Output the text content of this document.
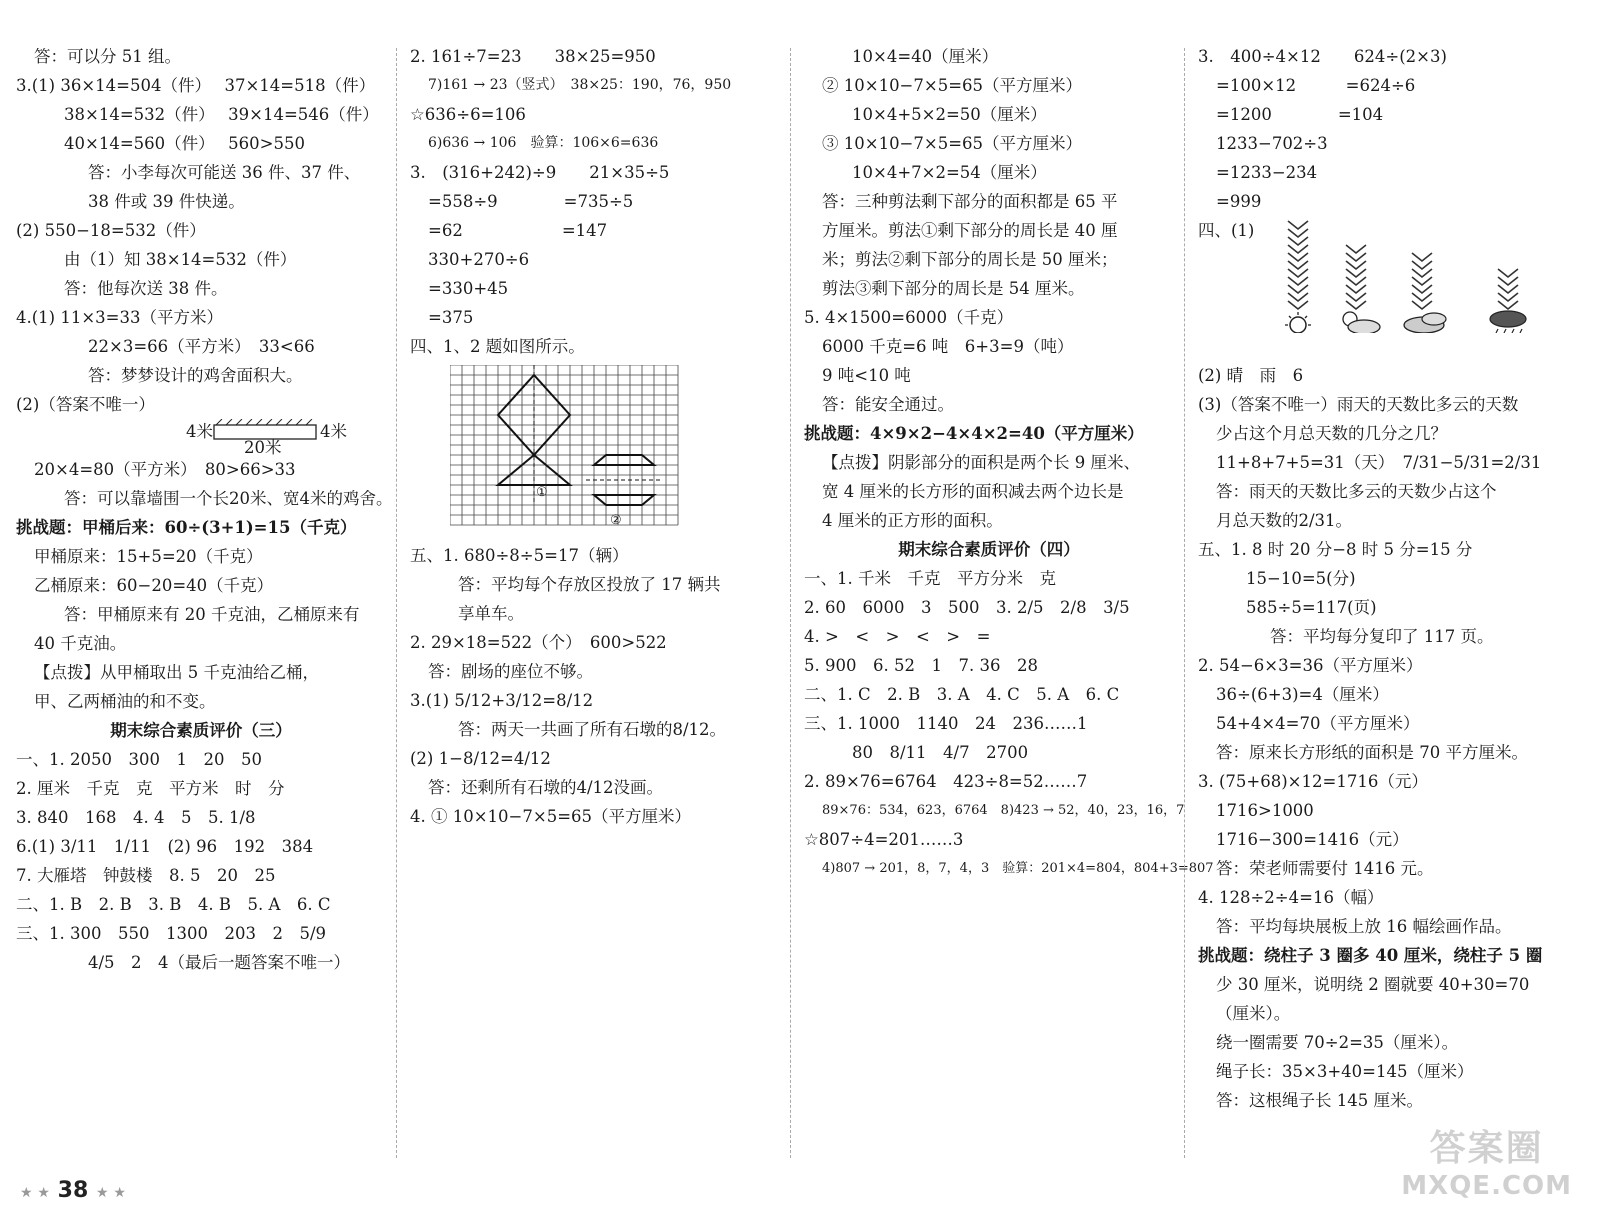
答：可以分 51 组。
3.(1) 36×14=504（件）　 37×14=518（件）
38×14=532（件）　 39×14=546（件）
40×14=560（件）　 560>550
答：小李每次可能送 36 件、37 件、
38 件或 39 件快递。
(2) 550−18=532（件）
由（1）知 38×14=532（件）
答：他每次送 38 件。
4.(1) 11×3=33（平方米）
22×3=66（平方米）　33<66
答：梦梦设计的鸡舍面积大。
(2)（答案不唯一）
4米	4米
20米
20×4=80（平方米）　80>66>33
答：可以靠墙围一个长20米、宽4米的鸡舍。
挑战题：甲桶后来：60÷(3+1)=15（千克）
甲桶原来：15+5=20（千克）
乙桶原来：60−20=40（千克）
答：甲桶原来有 20 千克油，乙桶原来有
40 千克油。
【点拨】从甲桶取出 5 千克油给乙桶，
甲、乙两桶油的和不变。
期末综合素质评价（三）
一、1. 2050　300　1　20　50
2. 厘米　千克　克　平方米　时　分
3. 840　168　4. 4　5　5. 1/8
6.(1) 3/11　1/11　(2) 96　192　384
7. 大雁塔　钟鼓楼　8. 5　20　25
二、1. B　2. B　3. B　4. B　5. A　6. C
三、1. 300　550　1300　203　2　5/9
4/5　2　4（最后一题答案不唯一）
2. 161÷7=23　　38×25=950
7)161 → 23（竖式）　38×25：190，76，950
☆636÷6=106
6)636 → 106　验算：106×6=636
3.　(316+242)÷9　　21×35÷5
=558÷9　　　　=735÷5
=62　　　　　　=147
330+270÷6
=330+45
=375
四、1、2 题如图所示。
①
②
五、1. 680÷8÷5=17（辆）
答：平均每个存放区投放了 17 辆共
享单车。
2. 29×18=522（个）　600>522
答：剧场的座位不够。
3.(1) 5/12+3/12=8/12
答：两天一共画了所有石墩的8/12。
(2) 1−8/12=4/12
答：还剩所有石墩的4/12没画。
4. ① 10×10−7×5=65（平方厘米）
10×4=40（厘米）
② 10×10−7×5=65（平方厘米）
10×4+5×2=50（厘米）
③ 10×10−7×5=65（平方厘米）
10×4+7×2=54（厘米）
答：三种剪法剩下部分的面积都是 65 平
方厘米。剪法①剩下部分的周长是 40 厘
米；剪法②剩下部分的周长是 50 厘米；
剪法③剩下部分的周长是 54 厘米。
5. 4×1500=6000（千克）
6000 千克=6 吨　6+3=9（吨）
9 吨<10 吨
答：能安全通过。
挑战题：4×9×2−4×4×2=40（平方厘米）
【点拨】阴影部分的面积是两个长 9 厘米、
宽 4 厘米的长方形的面积减去两个边长是
4 厘米的正方形的面积。
期末综合素质评价（四）
一、1. 千米　千克　平方分米　克
2. 60　6000　3　500　3. 2/5　2/8　3/5
4. >　<　>　<　>　=
5. 900　6. 52　1　7. 36　28
二、1. C　2. B　3. A　4. C　5. A　6. C
三、1. 1000　1140　24　236……1
80　8/11　4/7　2700
2. 89×76=6764　423÷8=52……7
89×76：534，623，6764　8)423 → 52，40，23，16，7
☆807÷4=201……3
4)807 → 201，8，7，4，3　验算：201×4=804，804+3=807
3.　400÷4×12　　624÷(2×3)
=100×12　　　=624÷6
=1200　　　　=104
1233−702÷3
=1233−234
=999
四、(1)
(2) 晴　雨　6
(3)（答案不唯一）雨天的天数比多云的天数
少占这个月总天数的几分之几？
11+8+7+5=31（天）　7/31−5/31=2/31
答：雨天的天数比多云的天数少占这个
月总天数的2/31。
五、1. 8 时 20 分−8 时 5 分=15 分
15−10=5(分)
585÷5=117(页)
答：平均每分复印了 117 页。
2. 54−6×3=36（平方厘米）
36÷(6+3)=4（厘米）
54+4×4=70（平方厘米）
答：原来长方形纸的面积是 70 平方厘米。
3. (75+68)×12=1716（元）
1716>1000
1716−300=1416（元）
答：荣老师需要付 1416 元。
4. 128÷2÷4=16（幅）
答：平均每块展板上放 16 幅绘画作品。
挑战题：绕柱子 3 圈多 40 厘米，绕柱子 5 圈
少 30 厘米，说明绕 2 圈就要 40+30=70
（厘米）。
绕一圈需要 70÷2=35（厘米）。
绳子长：35×3+40=145（厘米）
答：这根绳子长 145 厘米。
★ ★ 38 ★ ★
答案圈
MXQE.COM
